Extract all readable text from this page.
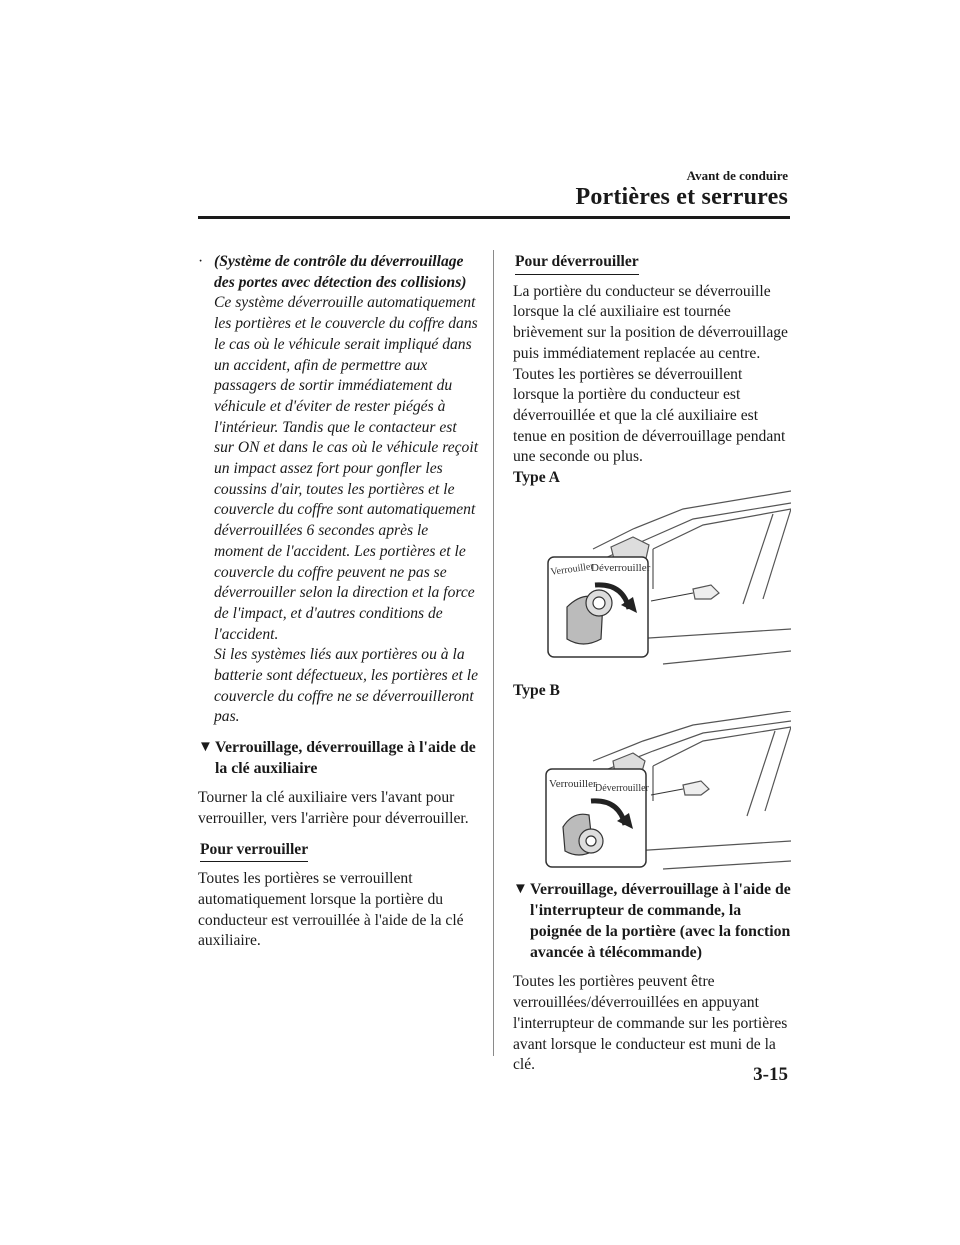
Avant de conduire
Portières et serrures
· (Système de contrôle du déverrouillage des portes avec détection des collisions)
Ce système déverrouille automatiquement les portières et le couvercle du coffre dans le cas où le véhicule serait impliqué dans un accident, afin de permettre aux passagers de sortir immédiatement du véhicule et d'éviter de rester piégés à l'intérieur. Tandis que le contacteur est sur ON et dans le cas où le véhicule reçoit un impact assez fort pour gonfler les coussins d'air, toutes les portières et le couvercle du coffre sont automatiquement déverrouillées 6 secondes après le moment de l'accident. Les portières et le couvercle du coffre peuvent ne pas se déverrouiller selon la direction et la force de l'impact, et d'autres conditions de l'accident.
Si les systèmes liés aux portières ou à la batterie sont défectueux, les portières et le couvercle du coffre ne se déverrouilleront pas.
▼ Verrouillage, déverrouillage à l'aide de la clé auxiliaire

Tourner la clé auxiliaire vers l'avant pour verrouiller, vers l'arrière pour déverrouiller.

Pour verrouiller

Toutes les portières se verrouillent automatiquement lorsque la portière du conducteur est verrouillée à l'aide de la clé auxiliaire.

Pour déverrouiller

La portière du conducteur se déverrouille lorsque la clé auxiliaire est tournée brièvement sur la position de déverrouillage puis immédiatement replacée au centre.
Toutes les portières se déverrouillent lorsque la portière du conducteur est déverrouillée et que la clé auxiliaire est tenue en position de déverrouillage pendant une seconde ou plus.

Type A
Verrouiller
Déverrouiller
Type B
Verrouiller
Déverrouiller
▼ Verrouillage, déverrouillage à l'aide de l'interrupteur de commande, la poignée de la portière (avec la fonction avancée à télécommande)

Toutes les portières peuvent être verrouillées/déverrouillées en appuyant l'interrupteur de commande sur les portières avant lorsque le conducteur est muni de la clé.	3-15
